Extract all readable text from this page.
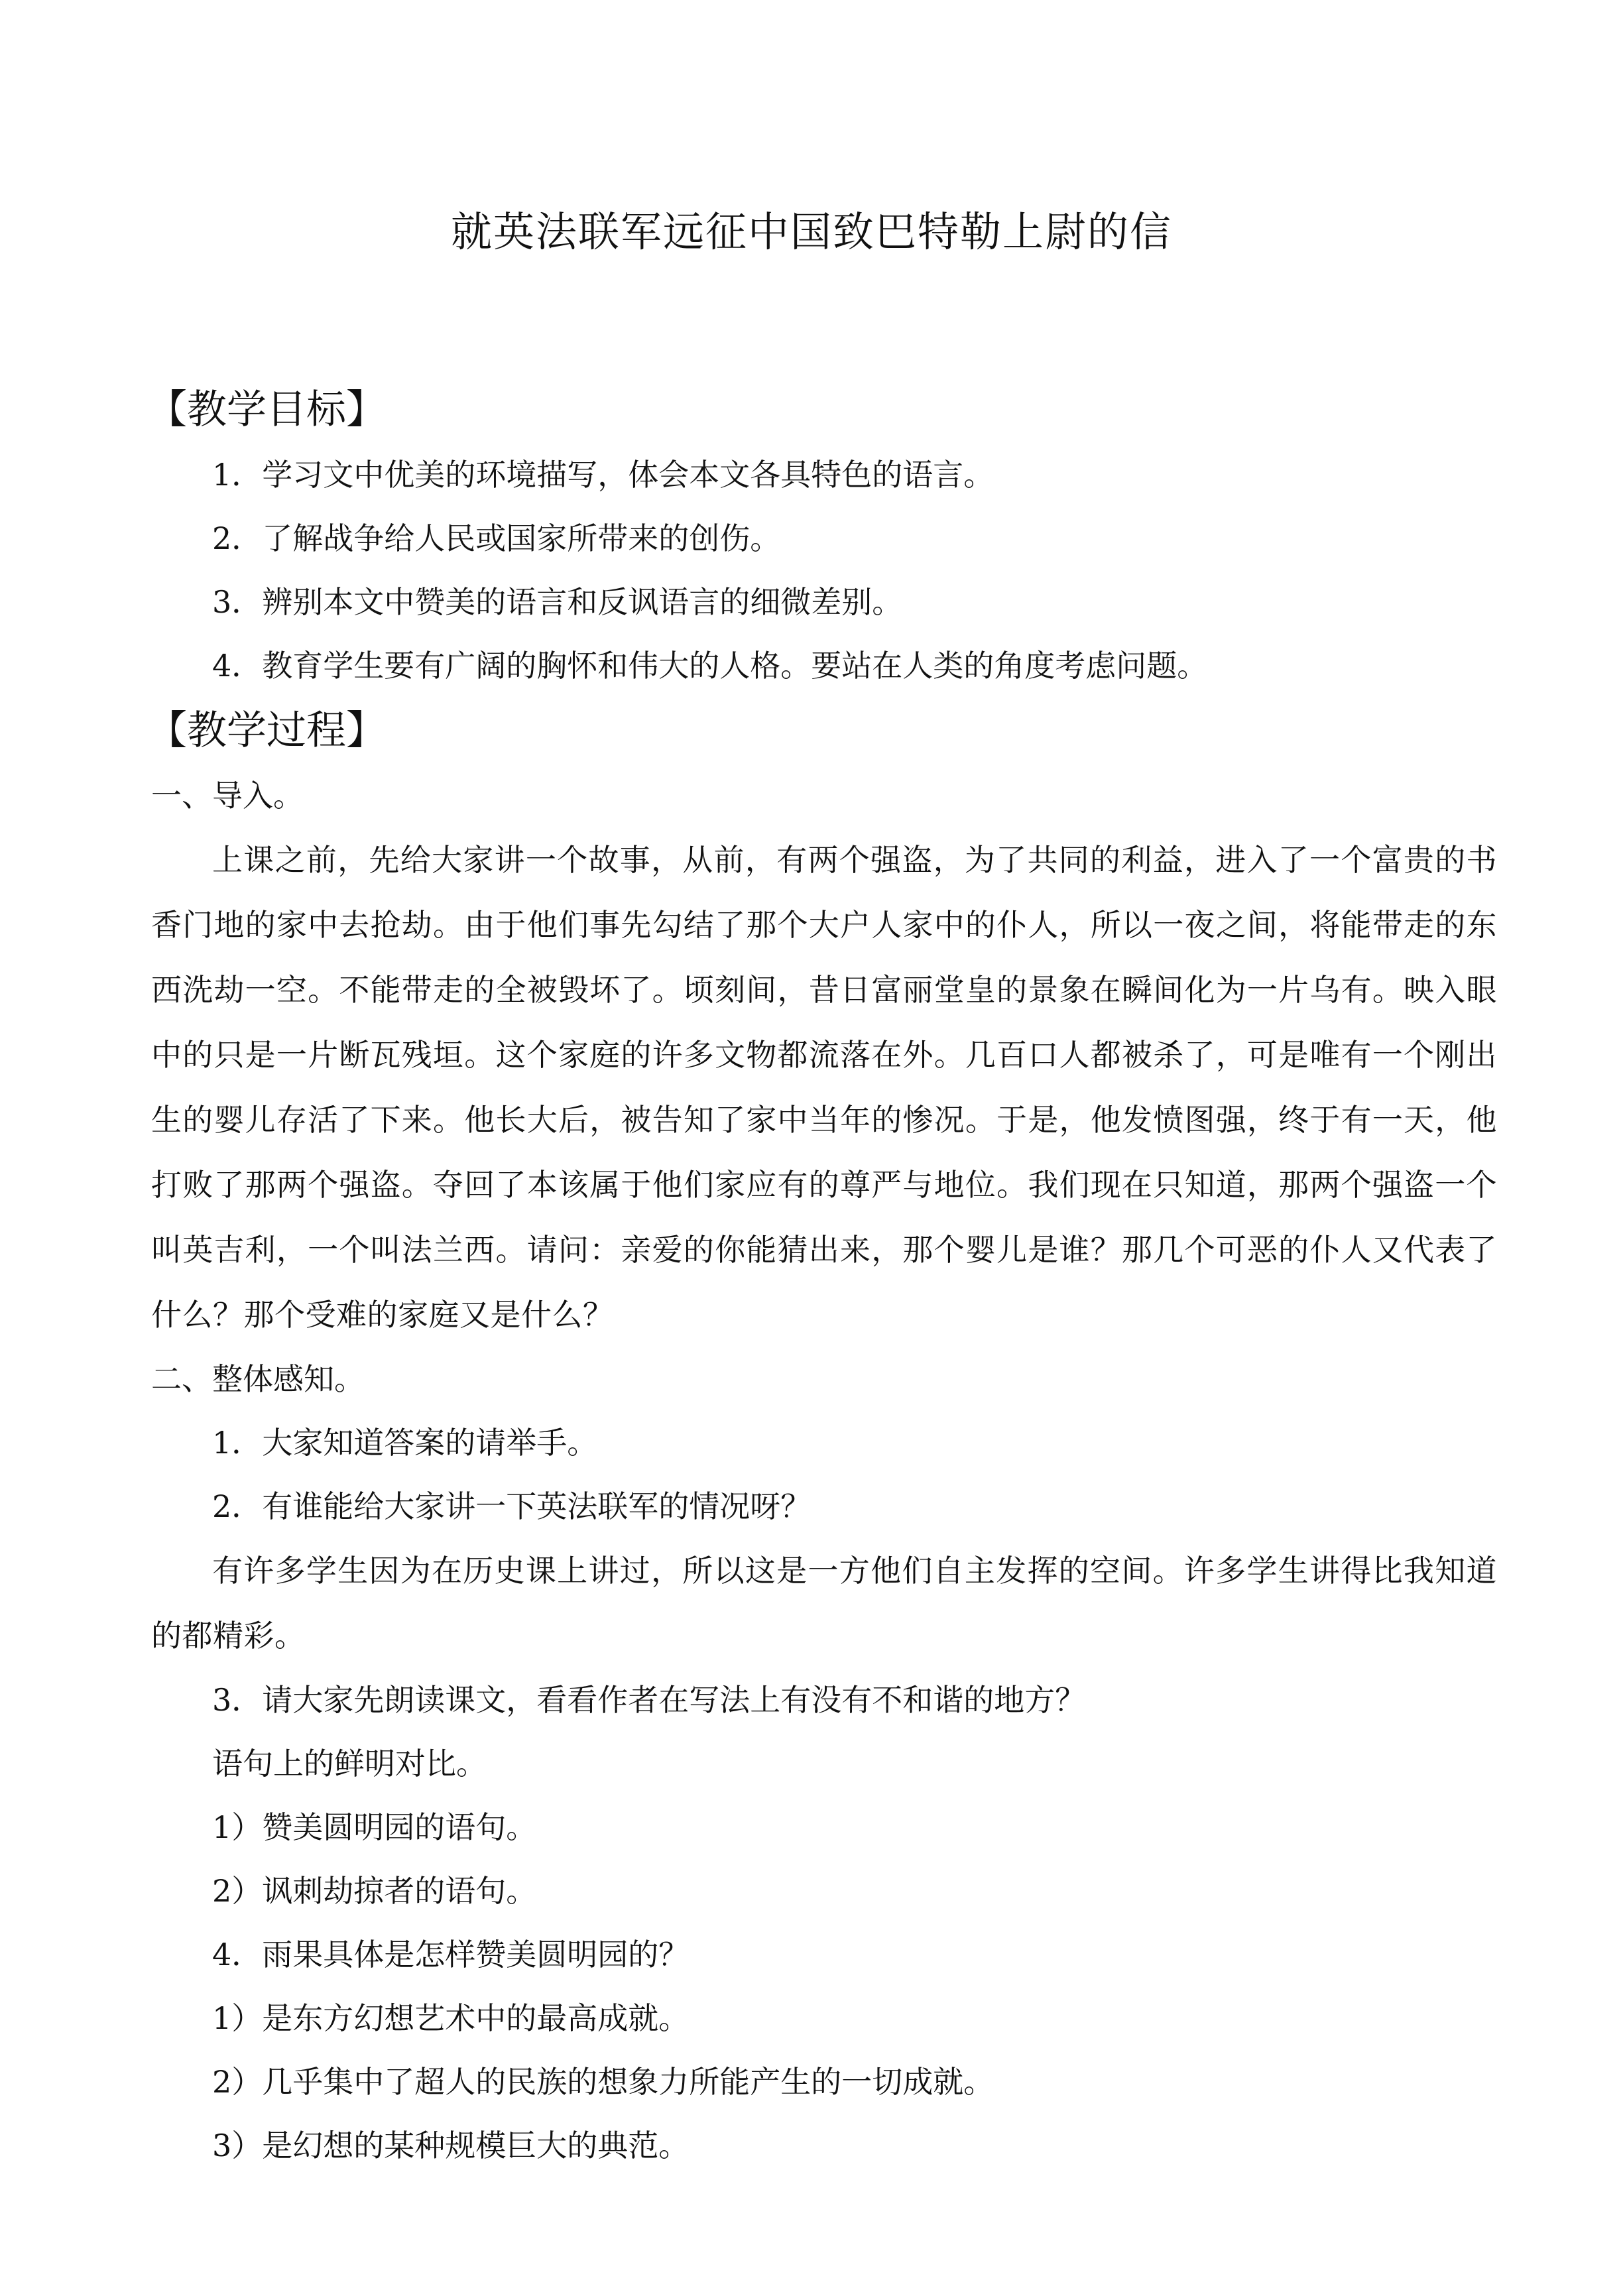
就英法联军远征中国致巴特勒上尉的信
【教学目标】
1．学习文中优美的环境描写，体会本文各具特色的语言。
2．了解战争给人民或国家所带来的创伤。
3．辨别本文中赞美的语言和反讽语言的细微差别。
4．教育学生要有广阔的胸怀和伟大的人格。要站在人类的角度考虑问题。
【教学过程】
一、导入。
上课之前，先给大家讲一个故事，从前，有两个强盗，为了共同的利益，进入了一个富贵的书香门地的家中去抢劫。由于他们事先勾结了那个大户人家中的仆人，所以一夜之间，将能带走的东西洗劫一空。不能带走的全被毁坏了。顷刻间，昔日富丽堂皇的景象在瞬间化为一片乌有。映入眼中的只是一片断瓦残垣。这个家庭的许多文物都流落在外。几百口人都被杀了，可是唯有一个刚出生的婴儿存活了下来。他长大后，被告知了家中当年的惨况。于是，他发愤图强，终于有一天，他打败了那两个强盗。夺回了本该属于他们家应有的尊严与地位。我们现在只知道，那两个强盗一个叫英吉利，一个叫法兰西。请问：亲爱的你能猜出来，那个婴儿是谁？那几个可恶的仆人又代表了什么？那个受难的家庭又是什么？
二、整体感知。
1．大家知道答案的请举手。
2．有谁能给大家讲一下英法联军的情况呀？
有许多学生因为在历史课上讲过，所以这是一方他们自主发挥的空间。许多学生讲得比我知道的都精彩。
3．请大家先朗读课文，看看作者在写法上有没有不和谐的地方？
语句上的鲜明对比。
1）赞美圆明园的语句。
2）讽刺劫掠者的语句。
4．雨果具体是怎样赞美圆明园的？
1）是东方幻想艺术中的最高成就。
2）几乎集中了超人的民族的想象力所能产生的一切成就。
3）是幻想的某种规模巨大的典范。
